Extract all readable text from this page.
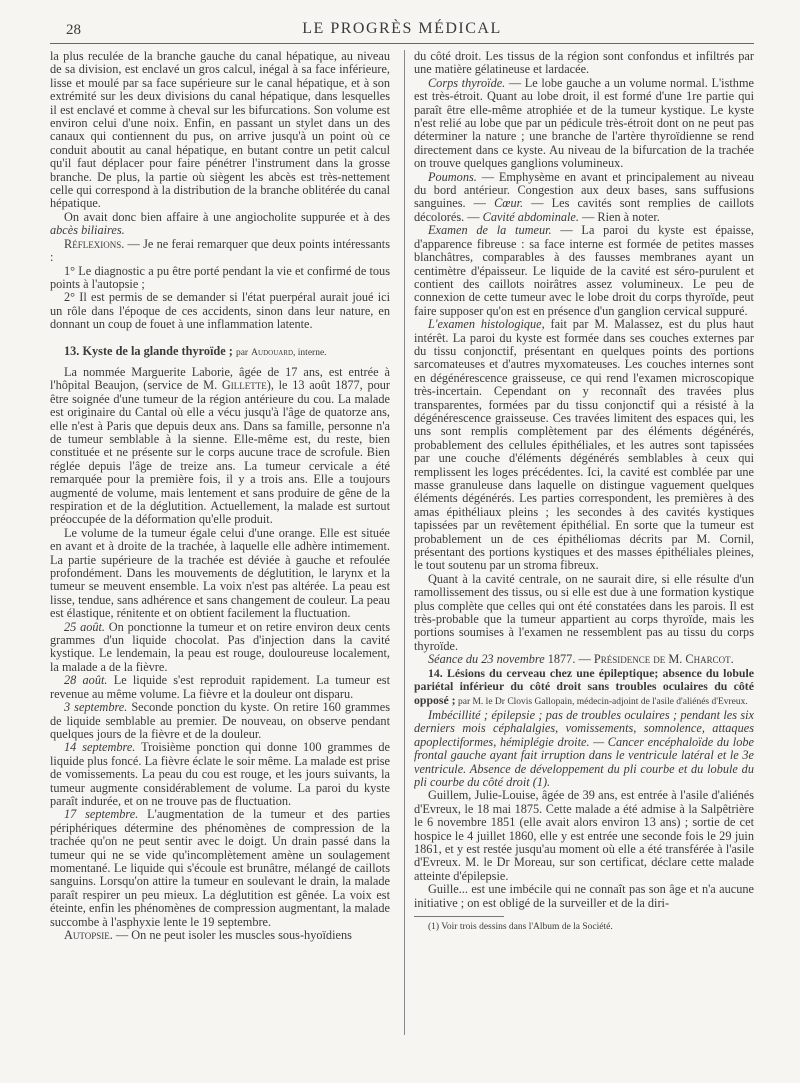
28	LE PROGRÈS MÉDICAL

la plus reculée de la branche gauche du canal hépatique, au niveau de sa division, est enclavé un gros calcul, inégal à sa face inférieure, lisse et moulé par sa face supérieure sur le canal hépatique, et à son extrémité sur les deux divisions du canal hépatique, dans lesquelles il est enclavé et comme à cheval sur les bifurcations. Son volume est environ celui d'une noix. Enfin, en passant un stylet dans un des canaux qui contiennent du pus, on arrive jusqu'à un point où ce conduit aboutit au canal hépatique, en butant contre un petit calcul qu'il faut déplacer pour faire pénétrer l'instrument dans la grosse branche. De plus, la partie où siègent les abcès est très-nettement celle qui correspond à la distribution de la branche oblitérée du canal hépatique.

On avait donc bien affaire à une angiocholite suppurée et à des abcès biliaires.

Réflexions. — Je ne ferai remarquer que deux points intéressants :

1° Le diagnostic a pu être porté pendant la vie et confirmé de tous points à l'autopsie ;

2° Il est permis de se demander si l'état puerpéral aurait joué ici un rôle dans l'époque de ces accidents, sinon dans leur nature, en donnant un coup de fouet à une inflammation latente.

13. Kyste de la glande thyroïde ; par Audouard, interne.

La nommée Marguerite Laborie, âgée de 17 ans, est entrée à l'hôpital Beaujon, (service de M. Gillette), le 13 août 1877, pour être soignée d'une tumeur de la région antérieure du cou. La malade est originaire du Cantal où elle a vécu jusqu'à l'âge de quatorze ans, elle n'est à Paris que depuis deux ans. Dans sa famille, personne n'a de tumeur semblable à la sienne. Elle-même est, du reste, bien constituée et ne présente sur le corps aucune trace de scrofule. Bien réglée depuis l'âge de treize ans. La tumeur cervicale a été remarquée pour la première fois, il y a trois ans. Elle a toujours augmenté de volume, mais lentement et sans produire de gêne de la respiration et de la déglutition. Actuellement, la malade est surtout préoccupée de la déformation qu'elle produit.

Le volume de la tumeur égale celui d'une orange. Elle est située en avant et à droite de la trachée, à laquelle elle adhère intimement. La partie supérieure de la trachée est déviée à gauche et refoulée profondément. Dans les mouvements de déglutition, le larynx et la tumeur se meuvent ensemble. La voix n'est pas altérée. La peau est lisse, tendue, sans adhérence et sans changement de couleur. La peau est élastique, rénitente et on obtient facilement la fluctuation.

25 août. On ponctionne la tumeur et on retire environ deux cents grammes d'un liquide chocolat. Pas d'injection dans la cavité kystique. Le lendemain, la peau est rouge, douloureuse localement, la malade a de la fièvre.

28 août. Le liquide s'est reproduit rapidement. La tumeur est revenue au même volume. La fièvre et la douleur ont disparu.

3 septembre. Seconde ponction du kyste. On retire 160 grammes de liquide semblable au premier. De nouveau, on observe pendant quelques jours de la fièvre et de la douleur.

14 septembre. Troisième ponction qui donne 100 grammes de liquide plus foncé. La fièvre éclate le soir même. La malade est prise de vomissements. La peau du cou est rouge, et les jours suivants, la tumeur augmente considérablement de volume. La paroi du kyste paraît indurée, et on ne trouve pas de fluctuation.

17 septembre. L'augmentation de la tumeur et des parties périphériques détermine des phénomènes de compression de la trachée qu'on ne peut sentir avec le doigt. Un drain passé dans la tumeur qui ne se vide qu'incomplètement amène un soulagement momentané. Le liquide qui s'écoule est brunâtre, mélangé de caillots sanguins. Lorsqu'on attire la tumeur en soulevant le drain, la malade paraît respirer un peu mieux. La déglutition est gênée. La voix est éteinte, enfin les phénomènes de compression augmentant, la malade succombe à l'asphyxie lente le 19 septembre.

Autopsie. — On ne peut isoler les muscles sous-hyoïdiens

du côté droit. Les tissus de la région sont confondus et infiltrés par une matière gélatineuse et lardacée.

Corps thyroïde. — Le lobe gauche a un volume normal. L'isthme est très-étroit. Quant au lobe droit, il est formé d'une 1re partie qui paraît être elle-même atrophiée et de la tumeur kystique. Le kyste n'est relié au lobe que par un pédicule très-étroit dont on ne peut pas déterminer la nature ; une branche de l'artère thyroïdienne se rend directement dans ce kyste. Au niveau de la bifurcation de la trachée on trouve quelques ganglions volumineux.

Poumons. — Emphysème en avant et principalement au niveau du bord antérieur. Congestion aux deux bases, sans suffusions sanguines. — Cœur. — Les cavités sont remplies de caillots décolorés. — Cavité abdominale. — Rien à noter.

Examen de la tumeur. — La paroi du kyste est épaisse, d'apparence fibreuse : sa face interne est formée de petites masses blanchâtres, comparables à des fausses membranes ayant un centimètre d'épaisseur. Le liquide de la cavité est séro-purulent et contient des caillots noirâtres assez volumineux. Le peu de connexion de cette tumeur avec le lobe droit du corps thyroïde, peut faire supposer qu'on est en présence d'un ganglion cervical suppuré.

L'examen histologique, fait par M. Malassez, est du plus haut intérêt. La paroi du kyste est formée dans ses couches externes par du tissu conjonctif, présentant en quelques points des portions sarcomateuses et d'autres myxomateuses. Les couches internes sont en dégénérescence graisseuse, ce qui rend l'examen microscopique très-incertain. Cependant on y reconnaît des travées plus transparentes, formées par du tissu conjonctif qui a résisté à la dégénérescence graisseuse. Ces travées limitent des espaces qui, les uns sont remplis complètement par des éléments dégénérés, probablement des cellules épithéliales, et les autres sont tapissées par une couche d'éléments dégénérés semblables à ceux qui remplissent les loges précédentes. Ici, la cavité est comblée par une masse granuleuse dans laquelle on distingue vaguement quelques éléments dégénérés. Les parties correspondent, les premières à des amas épithéliaux pleins ; les secondes à des cavités kystiques tapissées par un revêtement épithélial. En sorte que la tumeur est probablement un de ces épithéliomas décrits par M. Cornil, présentant des portions kystiques et des masses épithéliales pleines, le tout soutenu par un stroma fibreux.

Quant à la cavité centrale, on ne saurait dire, si elle résulte d'un ramollissement des tissus, ou si elle est due à une formation kystique plus complète que celles qui ont été constatées dans les parois. Il est très-probable que la tumeur appartient au corps thyroïde, mais les portions soumises à l'examen ne ressemblent pas au tissu du corps thyroïde.

Séance du 23 novembre 1877. — Présidence de M. Charcot.

14. Lésions du cerveau chez une épileptique; absence du lobule pariétal inférieur du côté droit sans troubles oculaires du côté opposé ; par M. le Dr Clovis Gallopain, médecin-adjoint de l'asile d'aliénés d'Evreux.

Imbécillité ; épilepsie ; pas de troubles oculaires ; pendant les six derniers mois céphalalgies, vomissements, somnolence, attaques apoplectiformes, hémiplégie droite. — Cancer encéphaloïde du lobe frontal gauche ayant fait irruption dans le ventricule latéral et le 3e ventricule. Absence de développement du pli courbe et du lobule du pli courbe du côté droit (1).

Guillem, Julie-Louise, âgée de 39 ans, est entrée à l'asile d'aliénés d'Evreux, le 18 mai 1875. Cette malade a été admise à la Salpêtrière le 6 novembre 1851 (elle avait alors environ 13 ans) ; sortie de cet hospice le 4 juillet 1860, elle y est entrée une seconde fois le 29 juin 1861, et y est restée jusqu'au moment où elle a été transférée à l'asile d'Evreux. M. le Dr Moreau, sur son certificat, déclare cette malade atteinte d'épilepsie.

Guille... est une imbécile qui ne connaît pas son âge et n'a aucune initiative ; on est obligé de la surveiller et de la diri-

(1) Voir trois dessins dans l'Album de la Société.
